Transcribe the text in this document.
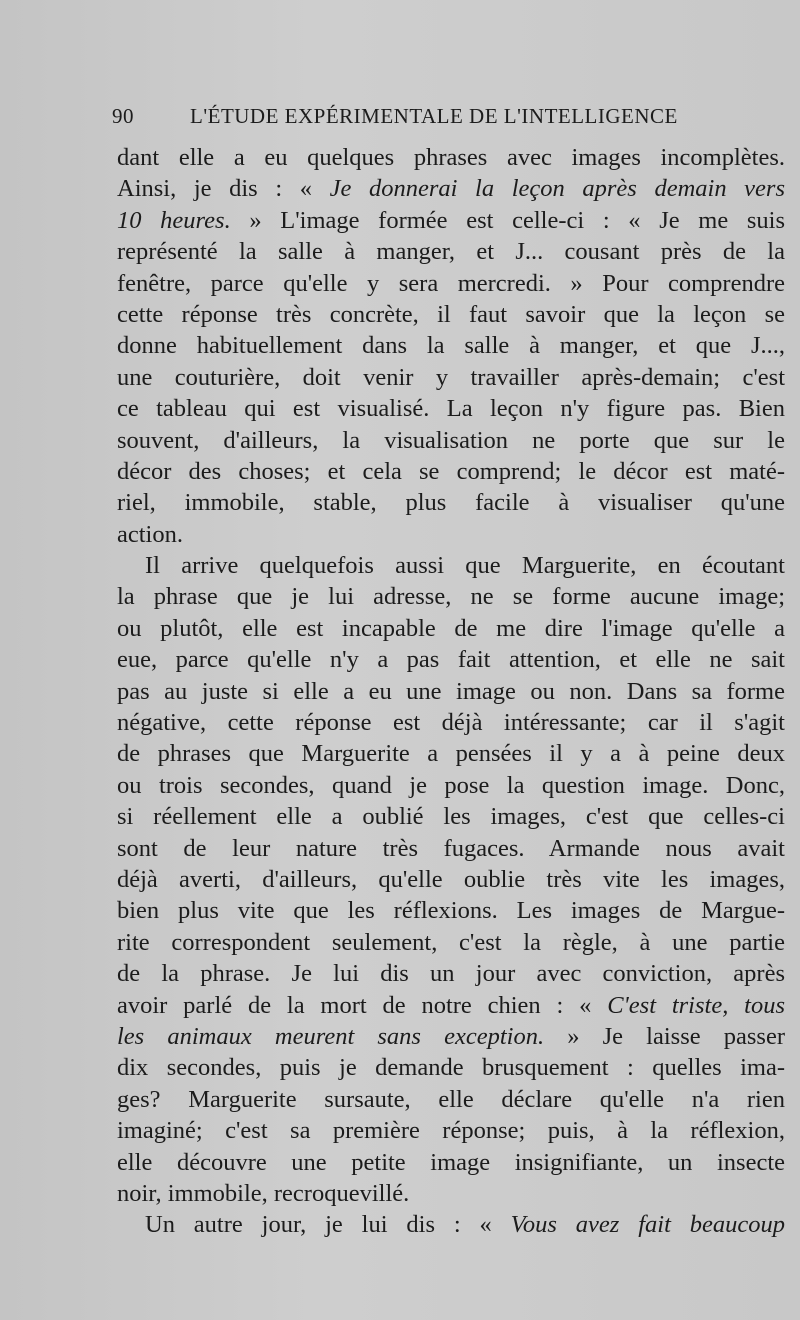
90	L'ÉTUDE EXPÉRIMENTALE DE L'INTELLIGENCE
dant elle a eu quelques phrases avec images incomplètes.
Ainsi, je dis : « Je donnerai la leçon après demain vers
10 heures. » L'image formée est celle-ci : « Je me suis
représenté la salle à manger, et J... cousant près de la
fenêtre, parce qu'elle y sera mercredi. » Pour comprendre
cette réponse très concrète, il faut savoir que la leçon se
donne habituellement dans la salle à manger, et que J...,
une couturière, doit venir y travailler après-demain; c'est
ce tableau qui est visualisé. La leçon n'y figure pas. Bien
souvent, d'ailleurs, la visualisation ne porte que sur le
décor des choses; et cela se comprend; le décor est maté-
riel, immobile, stable, plus facile à visualiser qu'une
action.
Il arrive quelquefois aussi que Marguerite, en écoutant
la phrase que je lui adresse, ne se forme aucune image;
ou plutôt, elle est incapable de me dire l'image qu'elle a
eue, parce qu'elle n'y a pas fait attention, et elle ne sait
pas au juste si elle a eu une image ou non. Dans sa forme
négative, cette réponse est déjà intéressante; car il s'agit
de phrases que Marguerite a pensées il y a à peine deux
ou trois secondes, quand je pose la question image. Donc,
si réellement elle a oublié les images, c'est que celles-ci
sont de leur nature très fugaces. Armande nous avait
déjà averti, d'ailleurs, qu'elle oublie très vite les images,
bien plus vite que les réflexions. Les images de Margue-
rite correspondent seulement, c'est la règle, à une partie
de la phrase. Je lui dis un jour avec conviction, après
avoir parlé de la mort de notre chien : « C'est triste, tous
les animaux meurent sans exception. » Je laisse passer
dix secondes, puis je demande brusquement : quelles ima-
ges? Marguerite sursaute, elle déclare qu'elle n'a rien
imaginé; c'est sa première réponse; puis, à la réflexion,
elle découvre une petite image insignifiante, un insecte
noir, immobile, recroquevillé.
Un autre jour, je lui dis : « Vous avez fait beaucoup
